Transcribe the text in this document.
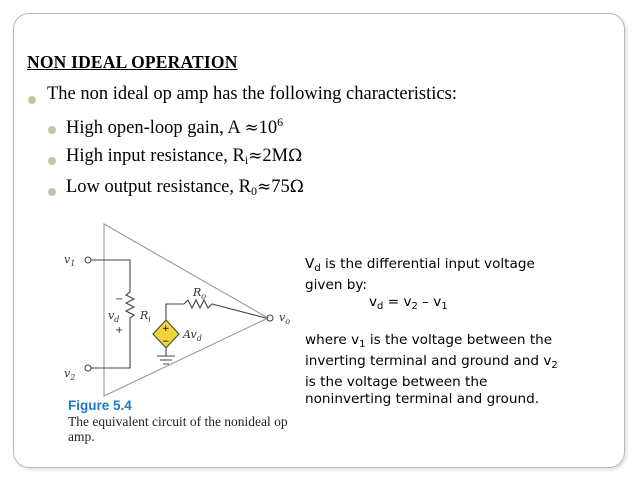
NON IDEAL OPERATION
The non ideal op amp has the following characteristics:
High open-loop gain, $A \approx 10^6$
High input resistance, $R_i\approx 2M\Omega$
Low output resistance, $R_0\approx 75\Omega$
+
−
$v_1$
$v_2$
$v_d$ $R_i$
$R_o$
$Av_d$
$v_o$
−
+
Figure 5.4
The equivalent circuit of the nonideal op amp.
$V_d$ is the differential input voltage
given by:
$v_d = v_2 - v_1$
where $v_1$ is the voltage between the
inverting terminal and ground and $v_2$
is the voltage between the
noninverting terminal and ground.
